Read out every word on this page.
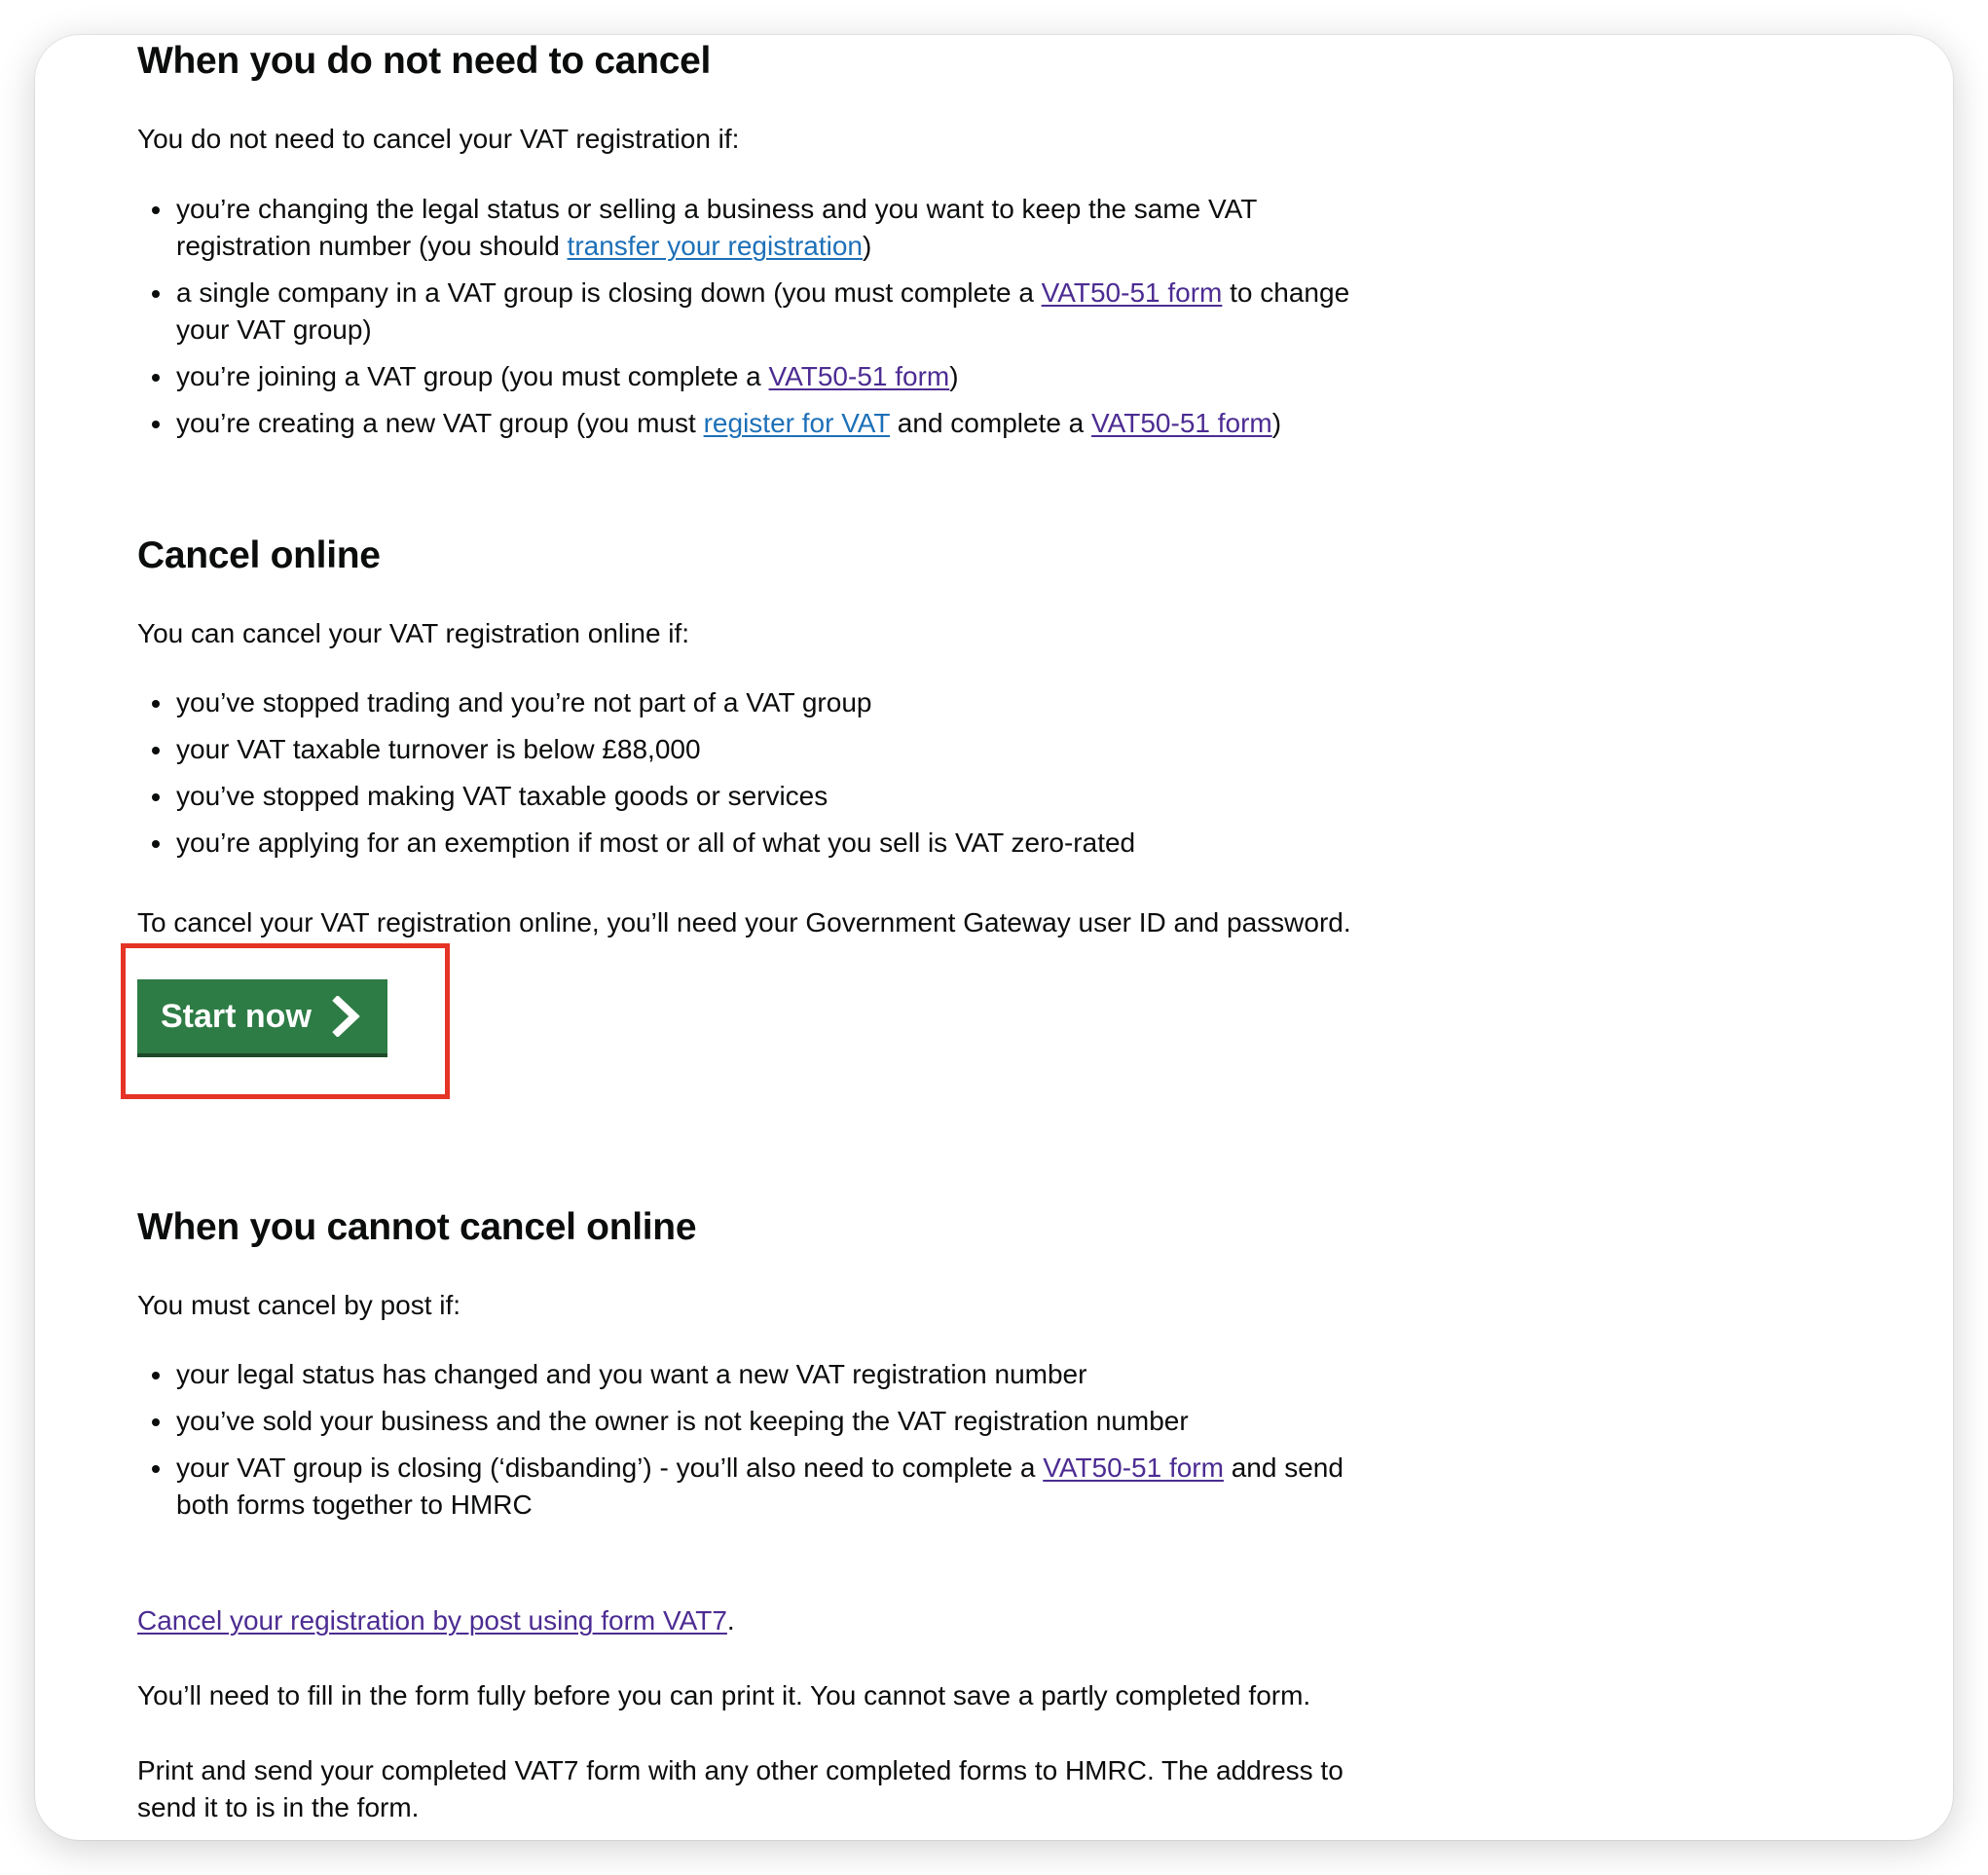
When you do not need to cancel

You do not need to cancel your VAT registration if:

you’re changing the legal status or selling a business and you want to keep the same VAT registration number (you should transfer your registration)
a single company in a VAT group is closing down (you must complete a VAT50-51 form to change your VAT group)
you’re joining a VAT group (you must complete a VAT50-51 form)
you’re creating a new VAT group (you must register for VAT and complete a VAT50-51 form)
Cancel online

You can cancel your VAT registration online if:

you’ve stopped trading and you’re not part of a VAT group
your VAT taxable turnover is below £88,000
you’ve stopped making VAT taxable goods or services
you’re applying for an exemption if most or all of what you sell is VAT zero-rated

To cancel your VAT registration online, you’ll need your Government Gateway user ID and password.

Start now
When you cannot cancel online

You must cancel by post if:

your legal status has changed and you want a new VAT registration number
you’ve sold your business and the owner is not keeping the VAT registration number
your VAT group is closing (‘disbanding’) - you’ll also need to complete a VAT50-51 form and send both forms together to HMRC

Cancel your registration by post using form VAT7.

You’ll need to fill in the form fully before you can print it. You cannot save a partly completed form.

Print and send your completed VAT7 form with any other completed forms to HMRC. The address to send it to is in the form.
